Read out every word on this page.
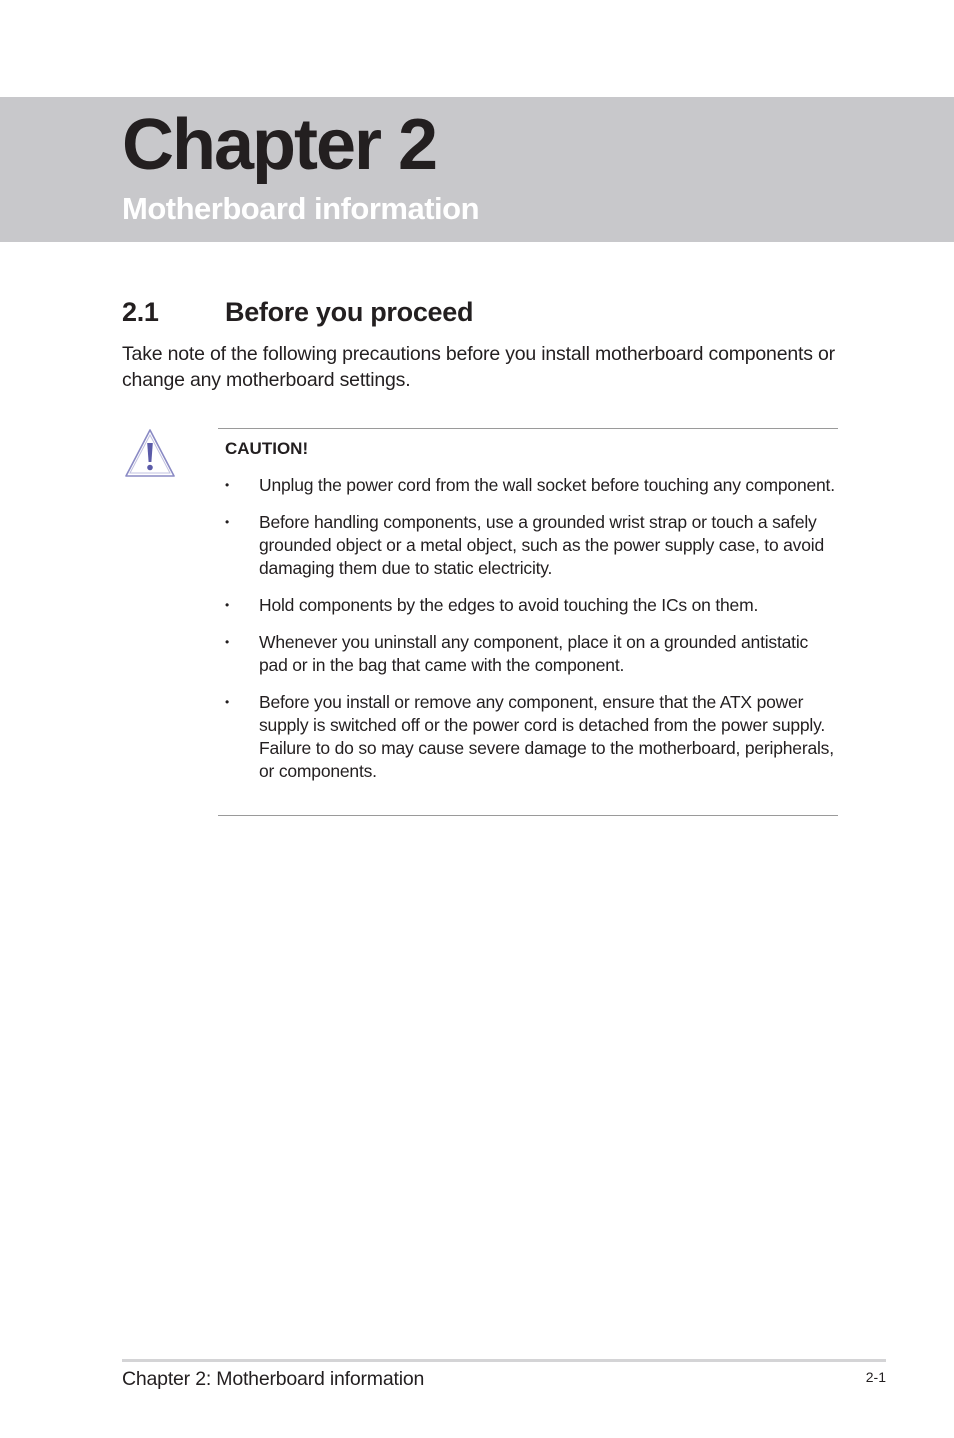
Chapter 2
Motherboard information
2.1 Before you proceed

Take note of the following precautions before you install motherboard components or change any motherboard settings.

CAUTION!

• Unplug the power cord from the wall socket before touching any component.
• Before handling components, use a grounded wrist strap or touch a safely grounded object or a metal object, such as the power supply case, to avoid damaging them due to static electricity.
• Hold components by the edges to avoid touching the ICs on them.
• Whenever you uninstall any component, place it on a grounded antistatic pad or in the bag that came with the component.
• Before you install or remove any component, ensure that the ATX power supply is switched off or the power cord is detached from the power supply. Failure to do so may cause severe damage to the motherboard, peripherals, or components.

Chapter 2: Motherboard information	2-1
